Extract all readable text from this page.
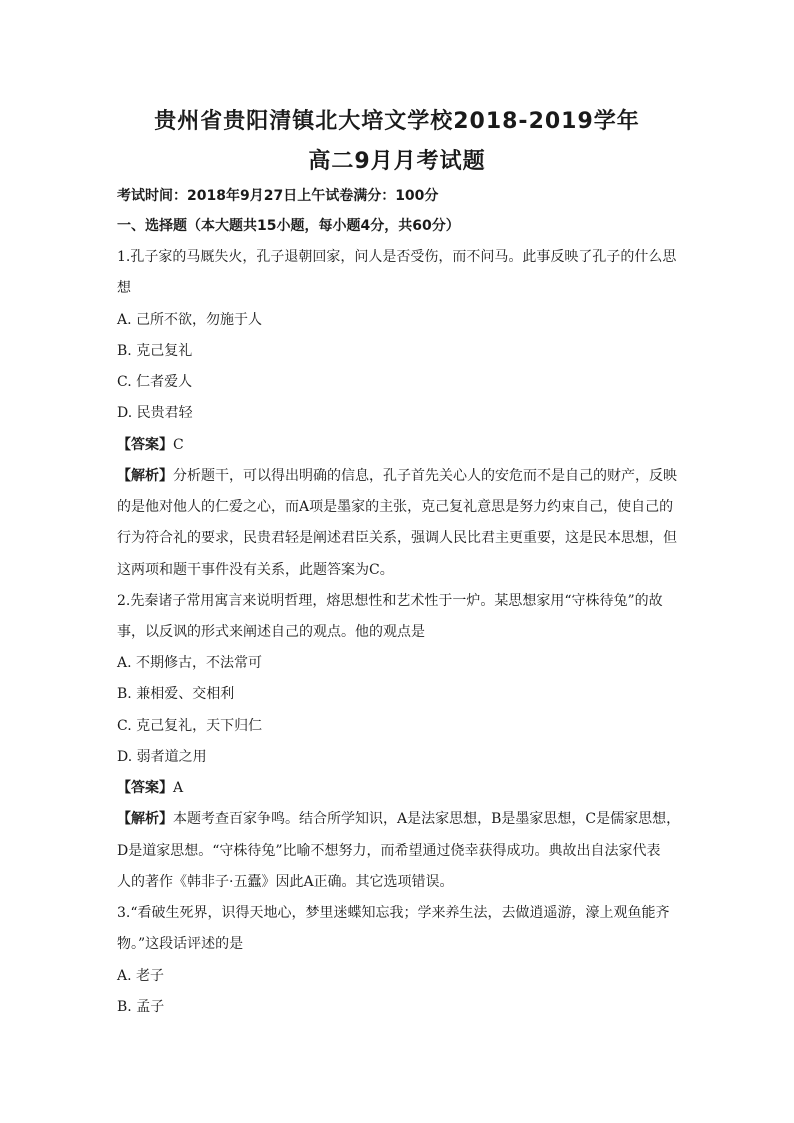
贵州省贵阳清镇北大培文学校2018-2019学年
高二9月月考试题
考试时间：2018年9月27日上午试卷满分：100分
一、选择题（本大题共15小题，每小题4分，共60分）
1.孔子家的马厩失火，孔子退朝回家，问人是否受伤，而不问马。此事反映了孔子的什么思
想
A. 己所不欲，勿施于人
B. 克己复礼
C. 仁者爱人
D. 民贵君轻
【答案】C
【解析】分析题干，可以得出明确的信息，孔子首先关心人的安危而不是自己的财产，反映
的是他对他人的仁爱之心，而A项是墨家的主张，克己复礼意思是努力约束自己，使自己的
行为符合礼的要求，民贵君轻是阐述君臣关系，强调人民比君主更重要，这是民本思想，但
这两项和题干事件没有关系，此题答案为C。
2.先秦诸子常用寓言来说明哲理，熔思想性和艺术性于一炉。某思想家用“守株待兔”的故
事，以反讽的形式来阐述自己的观点。他的观点是
A. 不期修古，不法常可
B. 兼相爱、交相利
C. 克己复礼，天下归仁
D. 弱者道之用
【答案】A
【解析】本题考查百家争鸣。结合所学知识，A是法家思想，B是墨家思想，C是儒家思想，
D是道家思想。“守株待兔”比喻不想努力，而希望通过侥幸获得成功。典故出自法家代表
人的著作《韩非子·五蠹》因此A正确。其它选项错误。
3.“看破生死界，识得天地心，梦里迷蝶知忘我；学来养生法，去做逍遥游，濠上观鱼能齐
物。”这段话评述的是
A. 老子
B. 孟子
